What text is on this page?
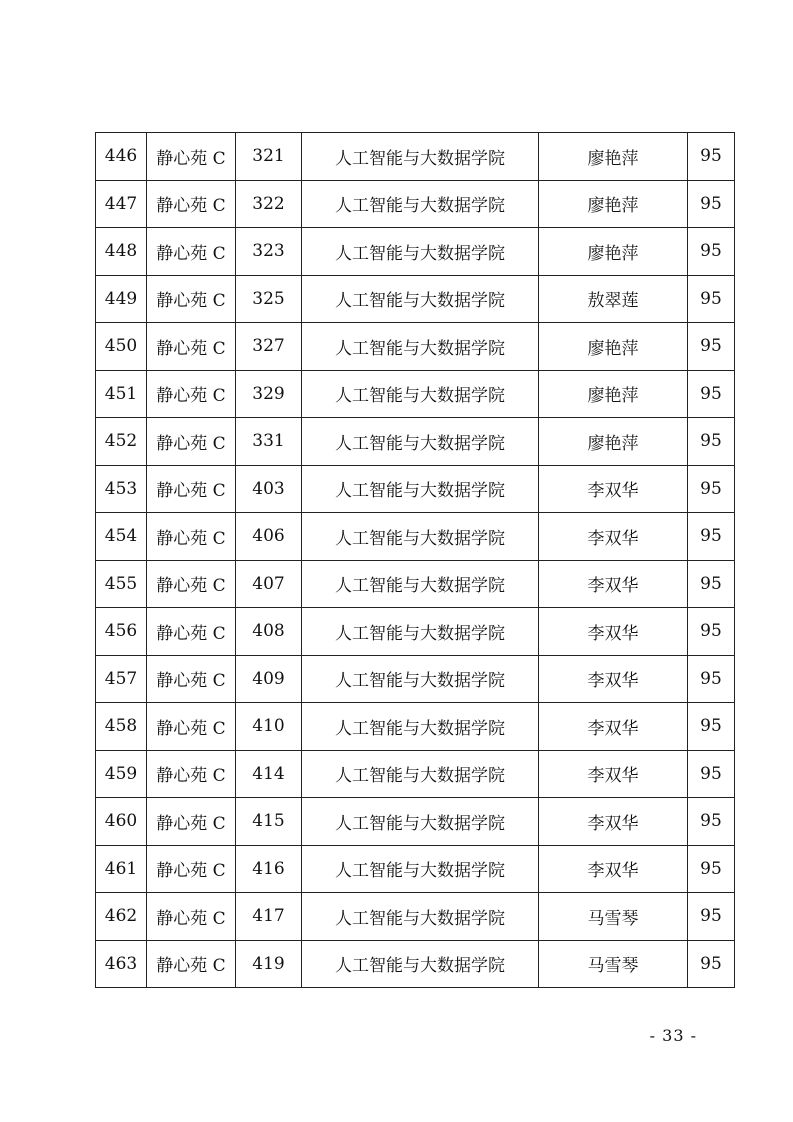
446	静心苑 C	321	人工智能与大数据学院	廖艳萍	95
447	静心苑 C	322	人工智能与大数据学院	廖艳萍	95
448	静心苑 C	323	人工智能与大数据学院	廖艳萍	95
449	静心苑 C	325	人工智能与大数据学院	敖翠莲	95
450	静心苑 C	327	人工智能与大数据学院	廖艳萍	95
451	静心苑 C	329	人工智能与大数据学院	廖艳萍	95
452	静心苑 C	331	人工智能与大数据学院	廖艳萍	95
453	静心苑 C	403	人工智能与大数据学院	李双华	95
454	静心苑 C	406	人工智能与大数据学院	李双华	95
455	静心苑 C	407	人工智能与大数据学院	李双华	95
456	静心苑 C	408	人工智能与大数据学院	李双华	95
457	静心苑 C	409	人工智能与大数据学院	李双华	95
458	静心苑 C	410	人工智能与大数据学院	李双华	95
459	静心苑 C	414	人工智能与大数据学院	李双华	95
460	静心苑 C	415	人工智能与大数据学院	李双华	95
461	静心苑 C	416	人工智能与大数据学院	李双华	95
462	静心苑 C	417	人工智能与大数据学院	马雪琴	95
463	静心苑 C	419	人工智能与大数据学院	马雪琴	95
- 33 -
